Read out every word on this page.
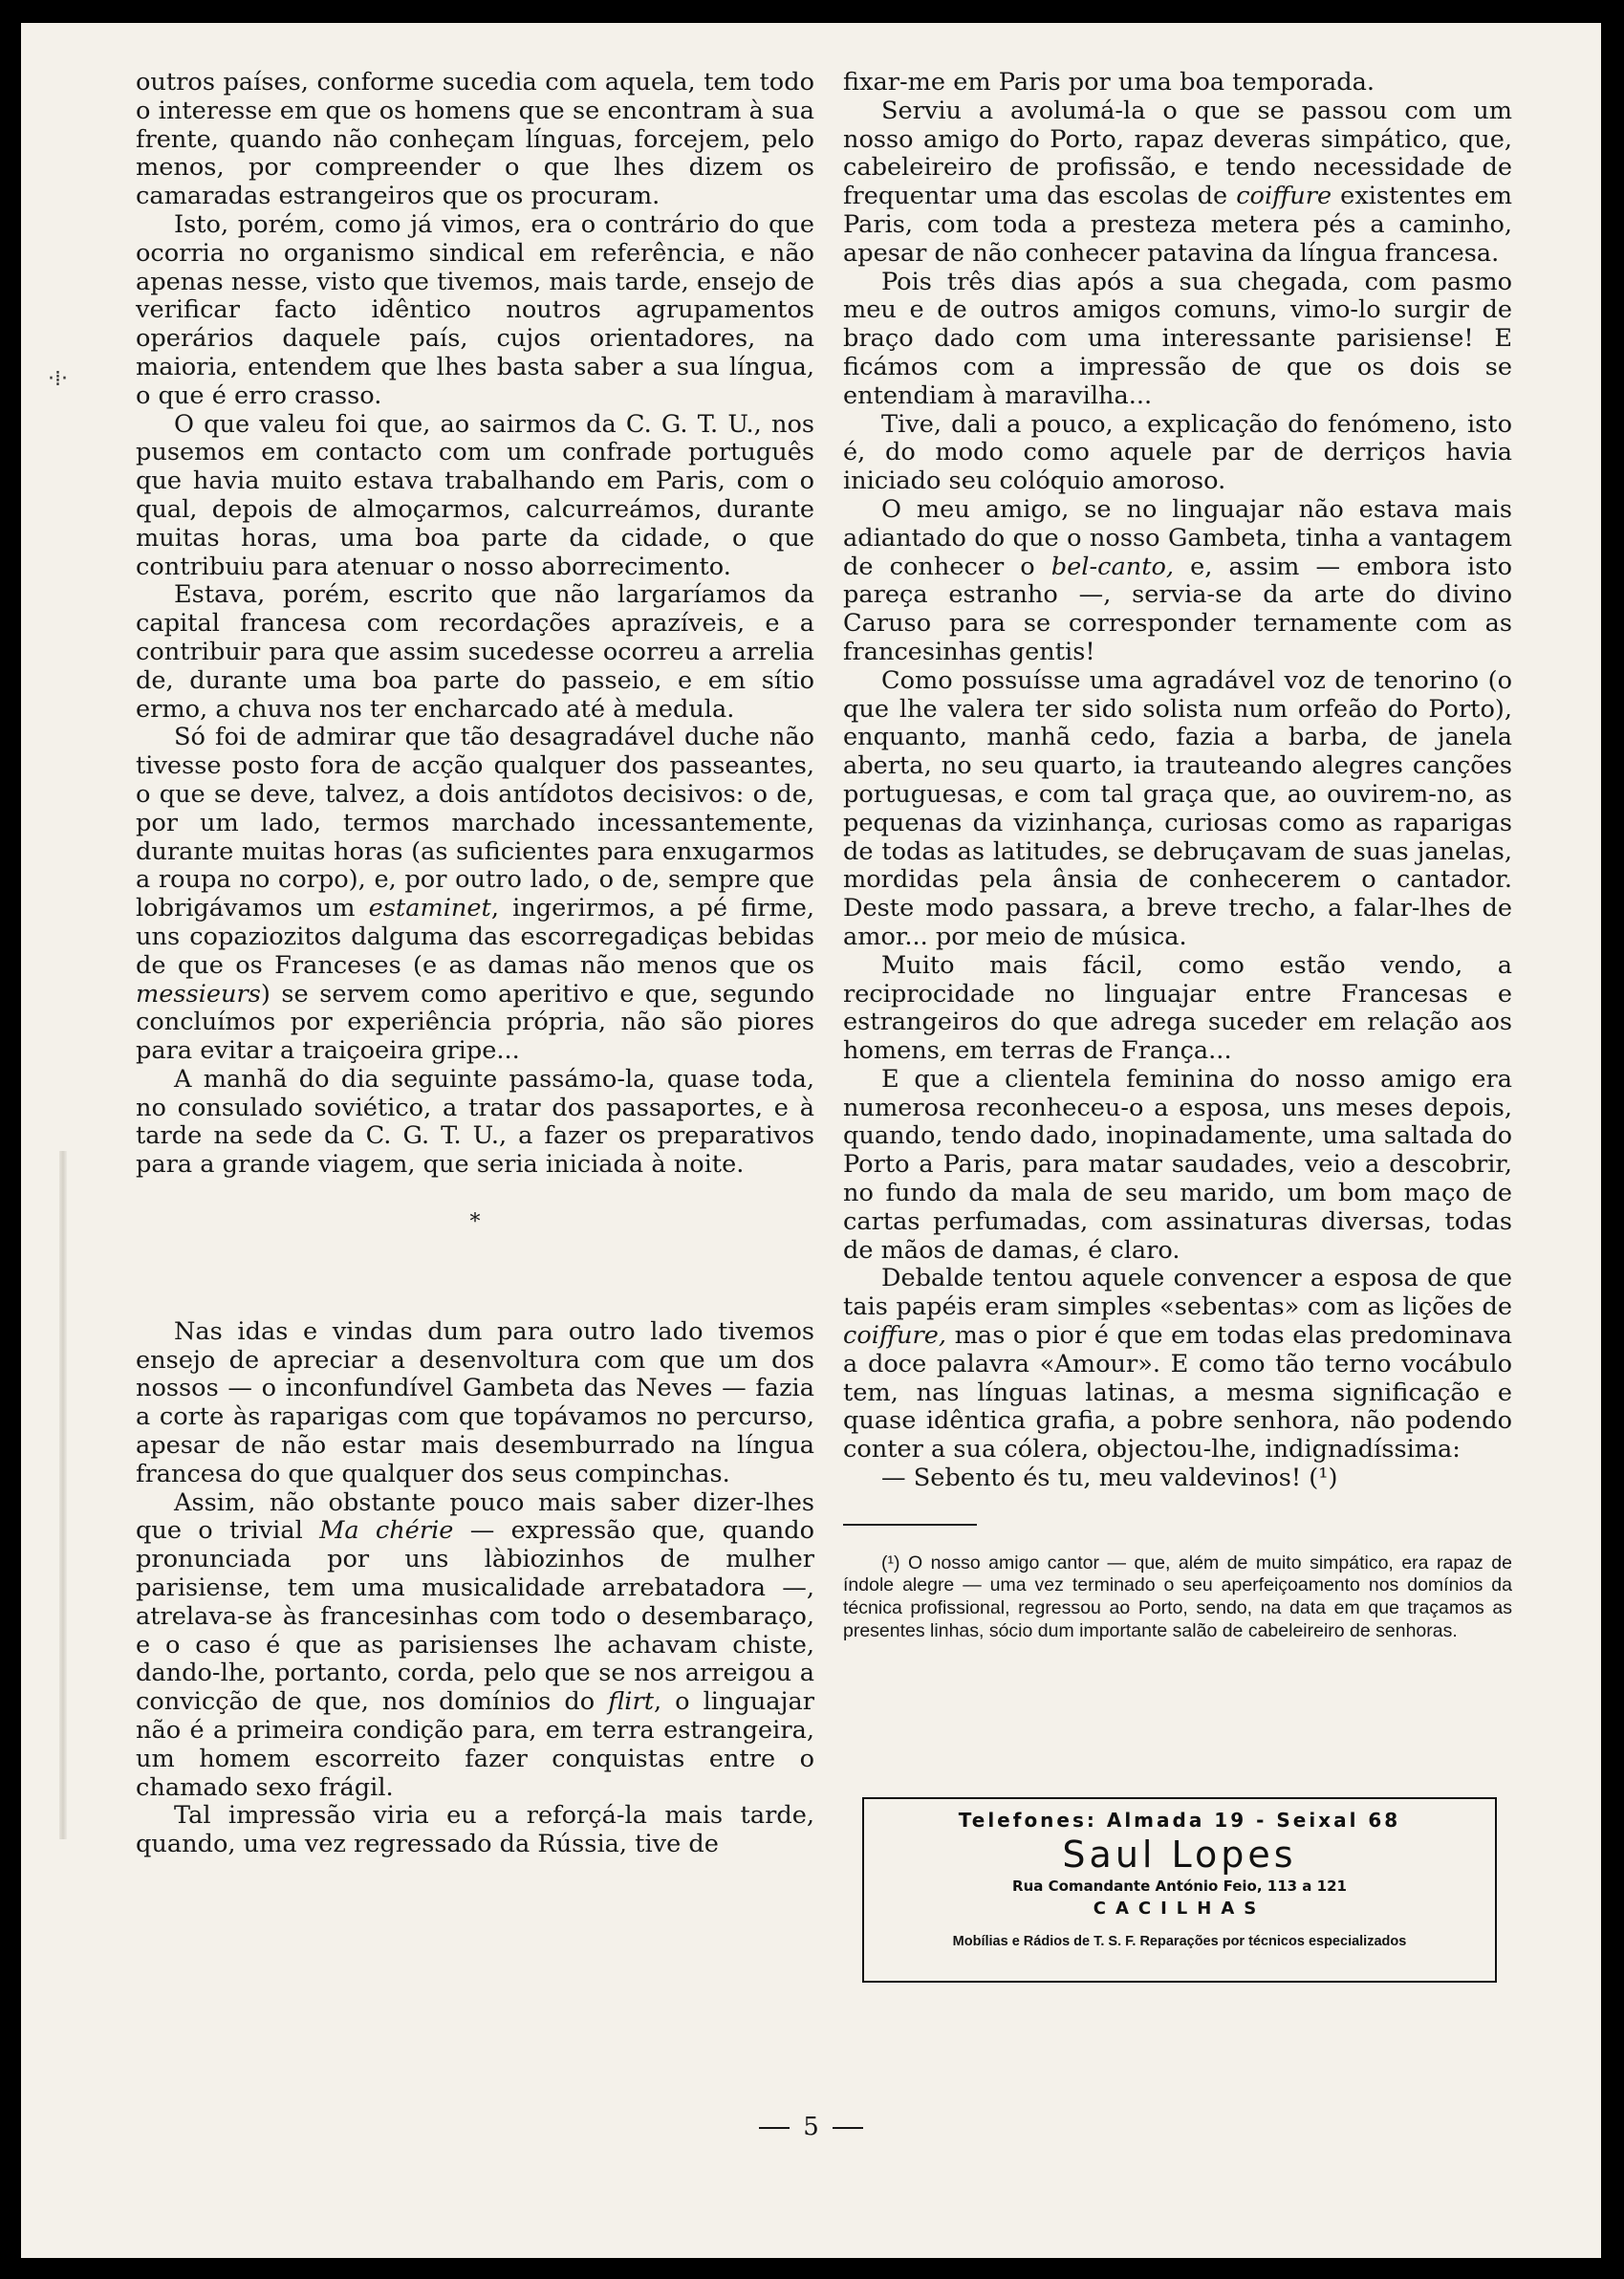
·⁞·

outros países, conforme sucedia com aquela, tem todo o interesse em que os homens que se encontram à sua frente, quando não conheçam línguas, forcejem, pelo menos, por compreender o que lhes dizem os camaradas estrangeiros que os procuram.

Isto, porém, como já vimos, era o contrário do que ocorria no organismo sindical em referência, e não apenas nesse, visto que tivemos, mais tarde, ensejo de verificar facto idêntico noutros agrupamentos operários daquele país, cujos orientadores, na maioria, entendem que lhes basta saber a sua língua, o que é erro crasso.

O que valeu foi que, ao sairmos da C. G. T. U., nos pusemos em contacto com um confrade português que havia muito estava trabalhando em Paris, com o qual, depois de almoçarmos, calcurreámos, durante muitas horas, uma boa parte da cidade, o que contribuiu para atenuar o nosso aborrecimento.

Estava, porém, escrito que não largaríamos da capital francesa com recordações aprazíveis, e a contribuir para que assim sucedesse ocorreu a arrelia de, durante uma boa parte do passeio, e em sítio ermo, a chuva nos ter encharcado até à medula.

Só foi de admirar que tão desagradável duche não tivesse posto fora de acção qualquer dos passeantes, o que se deve, talvez, a dois antídotos decisivos: o de, por um lado, termos marchado incessantemente, durante muitas horas (as suficientes para enxugarmos a roupa no corpo), e, por outro lado, o de, sempre que lobrigávamos um estaminet, ingerirmos, a pé firme, uns copaziozitos dalguma das escorregadiças bebidas de que os Franceses (e as damas não menos que os messieurs) se servem como aperitivo e que, segundo concluímos por experiência própria, não são piores para evitar a traiçoeira gripe...

A manhã do dia seguinte passámo-la, quase toda, no consulado soviético, a tratar dos passaportes, e à tarde na sede da C. G. T. U., a fazer os preparativos para a grande viagem, que seria iniciada à noite.

*

Nas idas e vindas dum para outro lado tivemos ensejo de apreciar a desenvoltura com que um dos nossos — o inconfundível Gambeta das Neves — fazia a corte às raparigas com que topávamos no percurso, apesar de não estar mais desemburrado na língua francesa do que qualquer dos seus compinchas.

Assim, não obstante pouco mais saber dizer-lhes que o trivial Ma chérie — expressão que, quando pronunciada por uns làbiozinhos de mulher parisiense, tem uma musicalidade arrebatadora —, atrelava-se às francesinhas com todo o desembaraço, e o caso é que as parisienses lhe achavam chiste, dando-lhe, portanto, corda, pelo que se nos arreigou a convicção de que, nos domínios do flirt, o linguajar não é a primeira condição para, em terra estrangeira, um homem escorreito fazer conquistas entre o chamado sexo frágil.

Tal impressão viria eu a reforçá-la mais tarde, quando, uma vez regressado da Rússia, tive de

fixar-me em Paris por uma boa temporada.

Serviu a avolumá-la o que se passou com um nosso amigo do Porto, rapaz deveras simpático, que, cabeleireiro de profissão, e tendo necessidade de frequentar uma das escolas de coiffure existentes em Paris, com toda a presteza metera pés a caminho, apesar de não conhecer patavina da língua francesa.

Pois três dias após a sua chegada, com pasmo meu e de outros amigos comuns, vimo-lo surgir de braço dado com uma interessante parisiense! E ficámos com a impressão de que os dois se entendiam à maravilha...

Tive, dali a pouco, a explicação do fenómeno, isto é, do modo como aquele par de derriços havia iniciado seu colóquio amoroso.

O meu amigo, se no linguajar não estava mais adiantado do que o nosso Gambeta, tinha a vantagem de conhecer o bel-canto, e, assim — embora isto pareça estranho —, servia-se da arte do divino Caruso para se corresponder ternamente com as francesinhas gentis!

Como possuísse uma agradável voz de tenorino (o que lhe valera ter sido solista num orfeão do Porto), enquanto, manhã cedo, fazia a barba, de janela aberta, no seu quarto, ia trauteando alegres canções portuguesas, e com tal graça que, ao ouvirem-no, as pequenas da vizinhança, curiosas como as raparigas de todas as latitudes, se debruçavam de suas janelas, mordidas pela ânsia de conhecerem o cantador. Deste modo passara, a breve trecho, a falar-lhes de amor... por meio de música.

Muito mais fácil, como estão vendo, a reciprocidade no linguajar entre Francesas e estrangeiros do que adrega suceder em relação aos homens, em terras de França...

E que a clientela feminina do nosso amigo era numerosa reconheceu-o a esposa, uns meses depois, quando, tendo dado, inopinadamente, uma saltada do Porto a Paris, para matar saudades, veio a descobrir, no fundo da mala de seu marido, um bom maço de cartas perfumadas, com assinaturas diversas, todas de mãos de damas, é claro.

Debalde tentou aquele convencer a esposa de que tais papéis eram simples «sebentas» com as lições de coiffure, mas o pior é que em todas elas predominava a doce palavra «Amour». E como tão terno vocábulo tem, nas línguas latinas, a mesma significação e quase idêntica grafia, a pobre senhora, não podendo conter a sua cólera, objectou-lhe, indignadíssima:

— Sebento és tu, meu valdevinos! (¹)

(¹) O nosso amigo cantor — que, além de muito simpático, era rapaz de índole alegre — uma vez terminado o seu aperfeiçoamento nos domínios da técnica profissional, regressou ao Porto, sendo, na data em que traçamos as presentes linhas, sócio dum importante salão de cabeleireiro de senhoras.

Telefones: Almada 19 - Seixal 68
Saul Lopes
Rua Comandante António Feio, 113 a 121
CACILHAS
Mobílias e Rádios de T. S. F. Reparações por técnicos especializados
5
